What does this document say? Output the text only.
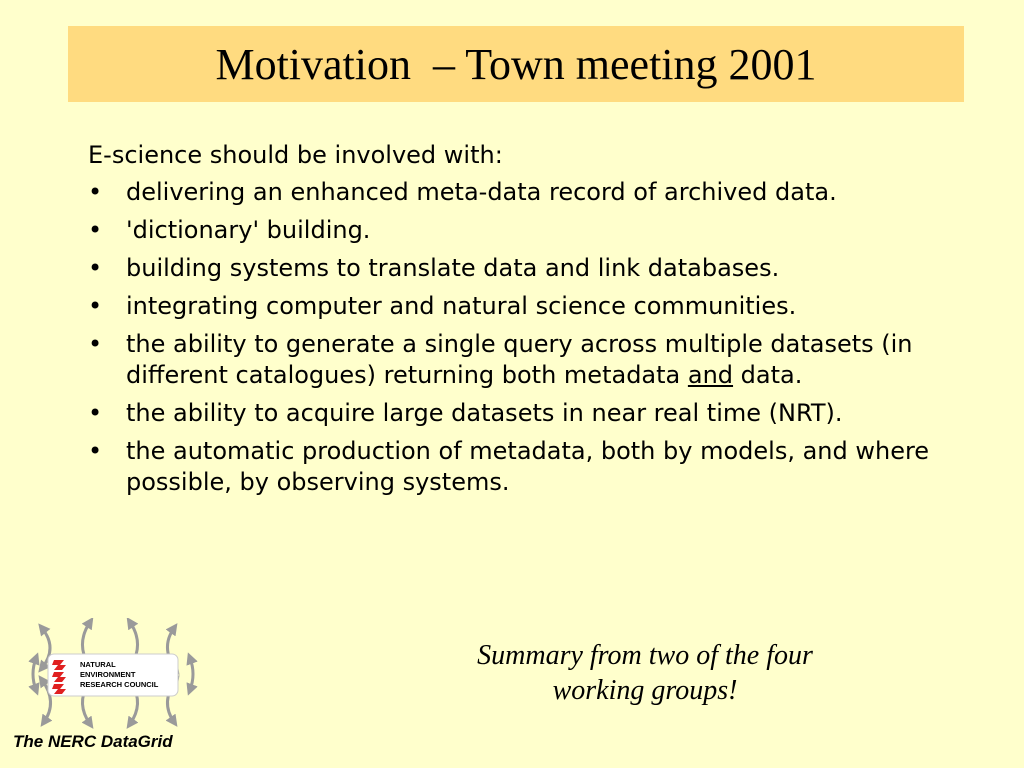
Motivation  – Town meeting 2001

E-science should be involved with:

• delivering an enhanced meta-data record of archived data.
• 'dictionary' building.
• building systems to translate data and link databases.
• integrating computer and natural science communities.
• the ability to generate a single query across multiple datasets (in different catalogues) returning both metadata and data.
• the ability to acquire large datasets in near real time (NRT).
• the automatic production of metadata, both by models, and where possible, by observing systems.
Summary from two of the four working groups!
NATURAL
ENVIRONMENT
RESEARCH COUNCIL
The NERC DataGrid
